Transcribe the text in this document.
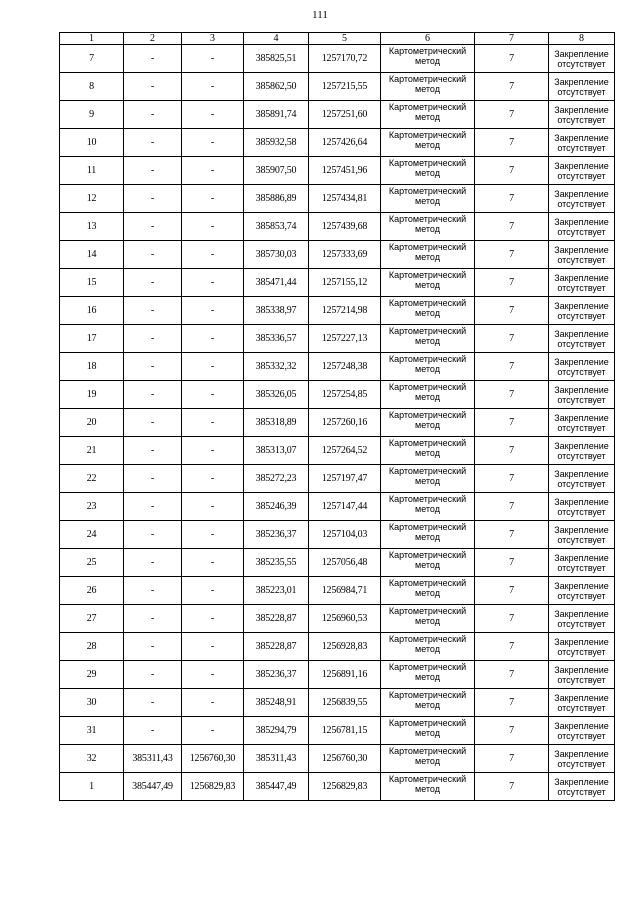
111
1	2	3	4	5	6	7	8
7	-	-	385825,51	1257170,72	Картометрический метод	7	Закрепление отсутствует
8	-	-	385862,50	1257215,55	Картометрический метод	7	Закрепление отсутствует
9	-	-	385891,74	1257251,60	Картометрический метод	7	Закрепление отсутствует
10	-	-	385932,58	1257426,64	Картометрический метод	7	Закрепление отсутствует
11	-	-	385907,50	1257451,96	Картометрический метод	7	Закрепление отсутствует
12	-	-	385886,89	1257434,81	Картометрический метод	7	Закрепление отсутствует
13	-	-	385853,74	1257439,68	Картометрический метод	7	Закрепление отсутствует
14	-	-	385730,03	1257333,69	Картометрический метод	7	Закрепление отсутствует
15	-	-	385471,44	1257155,12	Картометрический метод	7	Закрепление отсутствует
16	-	-	385338,97	1257214,98	Картометрический метод	7	Закрепление отсутствует
17	-	-	385336,57	1257227,13	Картометрический метод	7	Закрепление отсутствует
18	-	-	385332,32	1257248,38	Картометрический метод	7	Закрепление отсутствует
19	-	-	385326,05	1257254,85	Картометрический метод	7	Закрепление отсутствует
20	-	-	385318,89	1257260,16	Картометрический метод	7	Закрепление отсутствует
21	-	-	385313,07	1257264,52	Картометрический метод	7	Закрепление отсутствует
22	-	-	385272,23	1257197,47	Картометрический метод	7	Закрепление отсутствует
23	-	-	385246,39	1257147,44	Картометрический метод	7	Закрепление отсутствует
24	-	-	385236,37	1257104,03	Картометрический метод	7	Закрепление отсутствует
25	-	-	385235,55	1257056,48	Картометрический метод	7	Закрепление отсутствует
26	-	-	385223,01	1256984,71	Картометрический метод	7	Закрепление отсутствует
27	-	-	385228,87	1256960,53	Картометрический метод	7	Закрепление отсутствует
28	-	-	385228,87	1256928,83	Картометрический метод	7	Закрепление отсутствует
29	-	-	385236,37	1256891,16	Картометрический метод	7	Закрепление отсутствует
30	-	-	385248,91	1256839,55	Картометрический метод	7	Закрепление отсутствует
31	-	-	385294,79	1256781,15	Картометрический метод	7	Закрепление отсутствует
32	385311,43	1256760,30	385311,43	1256760,30	Картометрический метод	7	Закрепление отсутствует
1	385447,49	1256829,83	385447,49	1256829,83	Картометрический метод	7	Закрепление отсутствует
